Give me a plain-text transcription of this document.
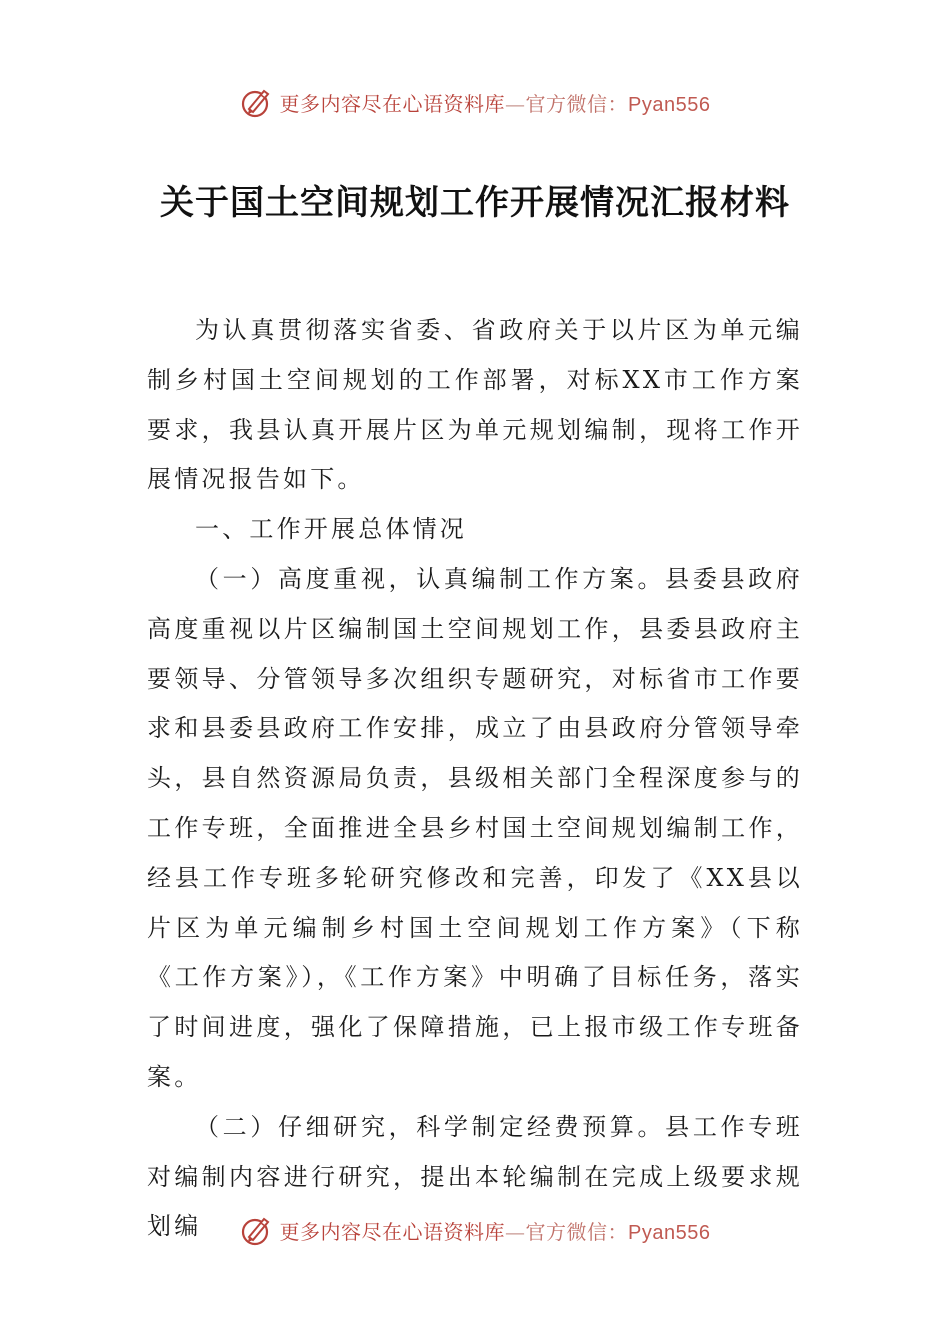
更多内容尽在心语资料库—官方微信：Pyan556
关于国土空间规划工作开展情况汇报材料

为认真贯彻落实省委、省政府关于以片区为单元编制乡村国土空间规划的工作部署，对标XX市工作方案要求，我县认真开展片区为单元规划编制，现将工作开展情况报告如下。

一、工作开展总体情况

（一）高度重视，认真编制工作方案。县委县政府高度重视以片区编制国土空间规划工作，县委县政府主要领导、分管领导多次组织专题研究，对标省市工作要求和县委县政府工作安排，成立了由县政府分管领导牵头，县自然资源局负责，县级相关部门全程深度参与的工作专班，全面推进全县乡村国土空间规划编制工作，经县工作专班多轮研究修改和完善，印发了《XX县以片区为单元编制乡村国土空间规划工作方案》（下称《工作方案》），《工作方案》中明确了目标任务，落实了时间进度，强化了保障措施，已上报市级工作专班备案。

（二）仔细研究，科学制定经费预算。县工作专班对编制内容进行研究，提出本轮编制在完成上级要求规划编	更多内容尽在心语资料库—官方微信：Pyan556
